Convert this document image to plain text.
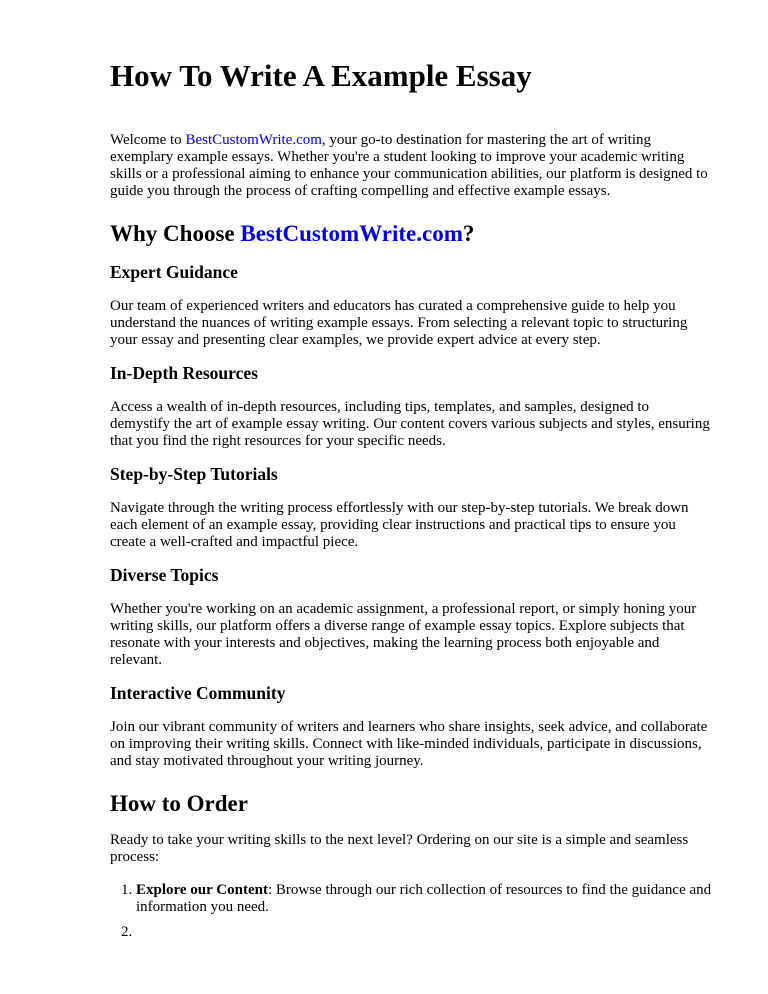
How To Write A Example Essay

Welcome to BestCustomWrite.com, your go-to destination for mastering the art of writing exemplary example essays. Whether you're a student looking to improve your academic writing skills or a professional aiming to enhance your communication abilities, our platform is designed to guide you through the process of crafting compelling and effective example essays.

Why Choose BestCustomWrite.com?
Expert Guidance

Our team of experienced writers and educators has curated a comprehensive guide to help you understand the nuances of writing example essays. From selecting a relevant topic to structuring your essay and presenting clear examples, we provide expert advice at every step.

In-Depth Resources

Access a wealth of in-depth resources, including tips, templates, and samples, designed to demystify the art of example essay writing. Our content covers various subjects and styles, ensuring that you find the right resources for your specific needs.

Step-by-Step Tutorials

Navigate through the writing process effortlessly with our step-by-step tutorials. We break down each element of an example essay, providing clear instructions and practical tips to ensure you create a well-crafted and impactful piece.

Diverse Topics

Whether you're working on an academic assignment, a professional report, or simply honing your writing skills, our platform offers a diverse range of example essay topics. Explore subjects that resonate with your interests and objectives, making the learning process both enjoyable and relevant.

Interactive Community

Join our vibrant community of writers and learners who share insights, seek advice, and collaborate on improving their writing skills. Connect with like-minded individuals, participate in discussions, and stay motivated throughout your writing journey.

How to Order

Ready to take your writing skills to the next level? Ordering on our site is a simple and seamless process:

1. Explore our Content: Browse through our rich collection of resources to find the guidance and information you need.
2.
